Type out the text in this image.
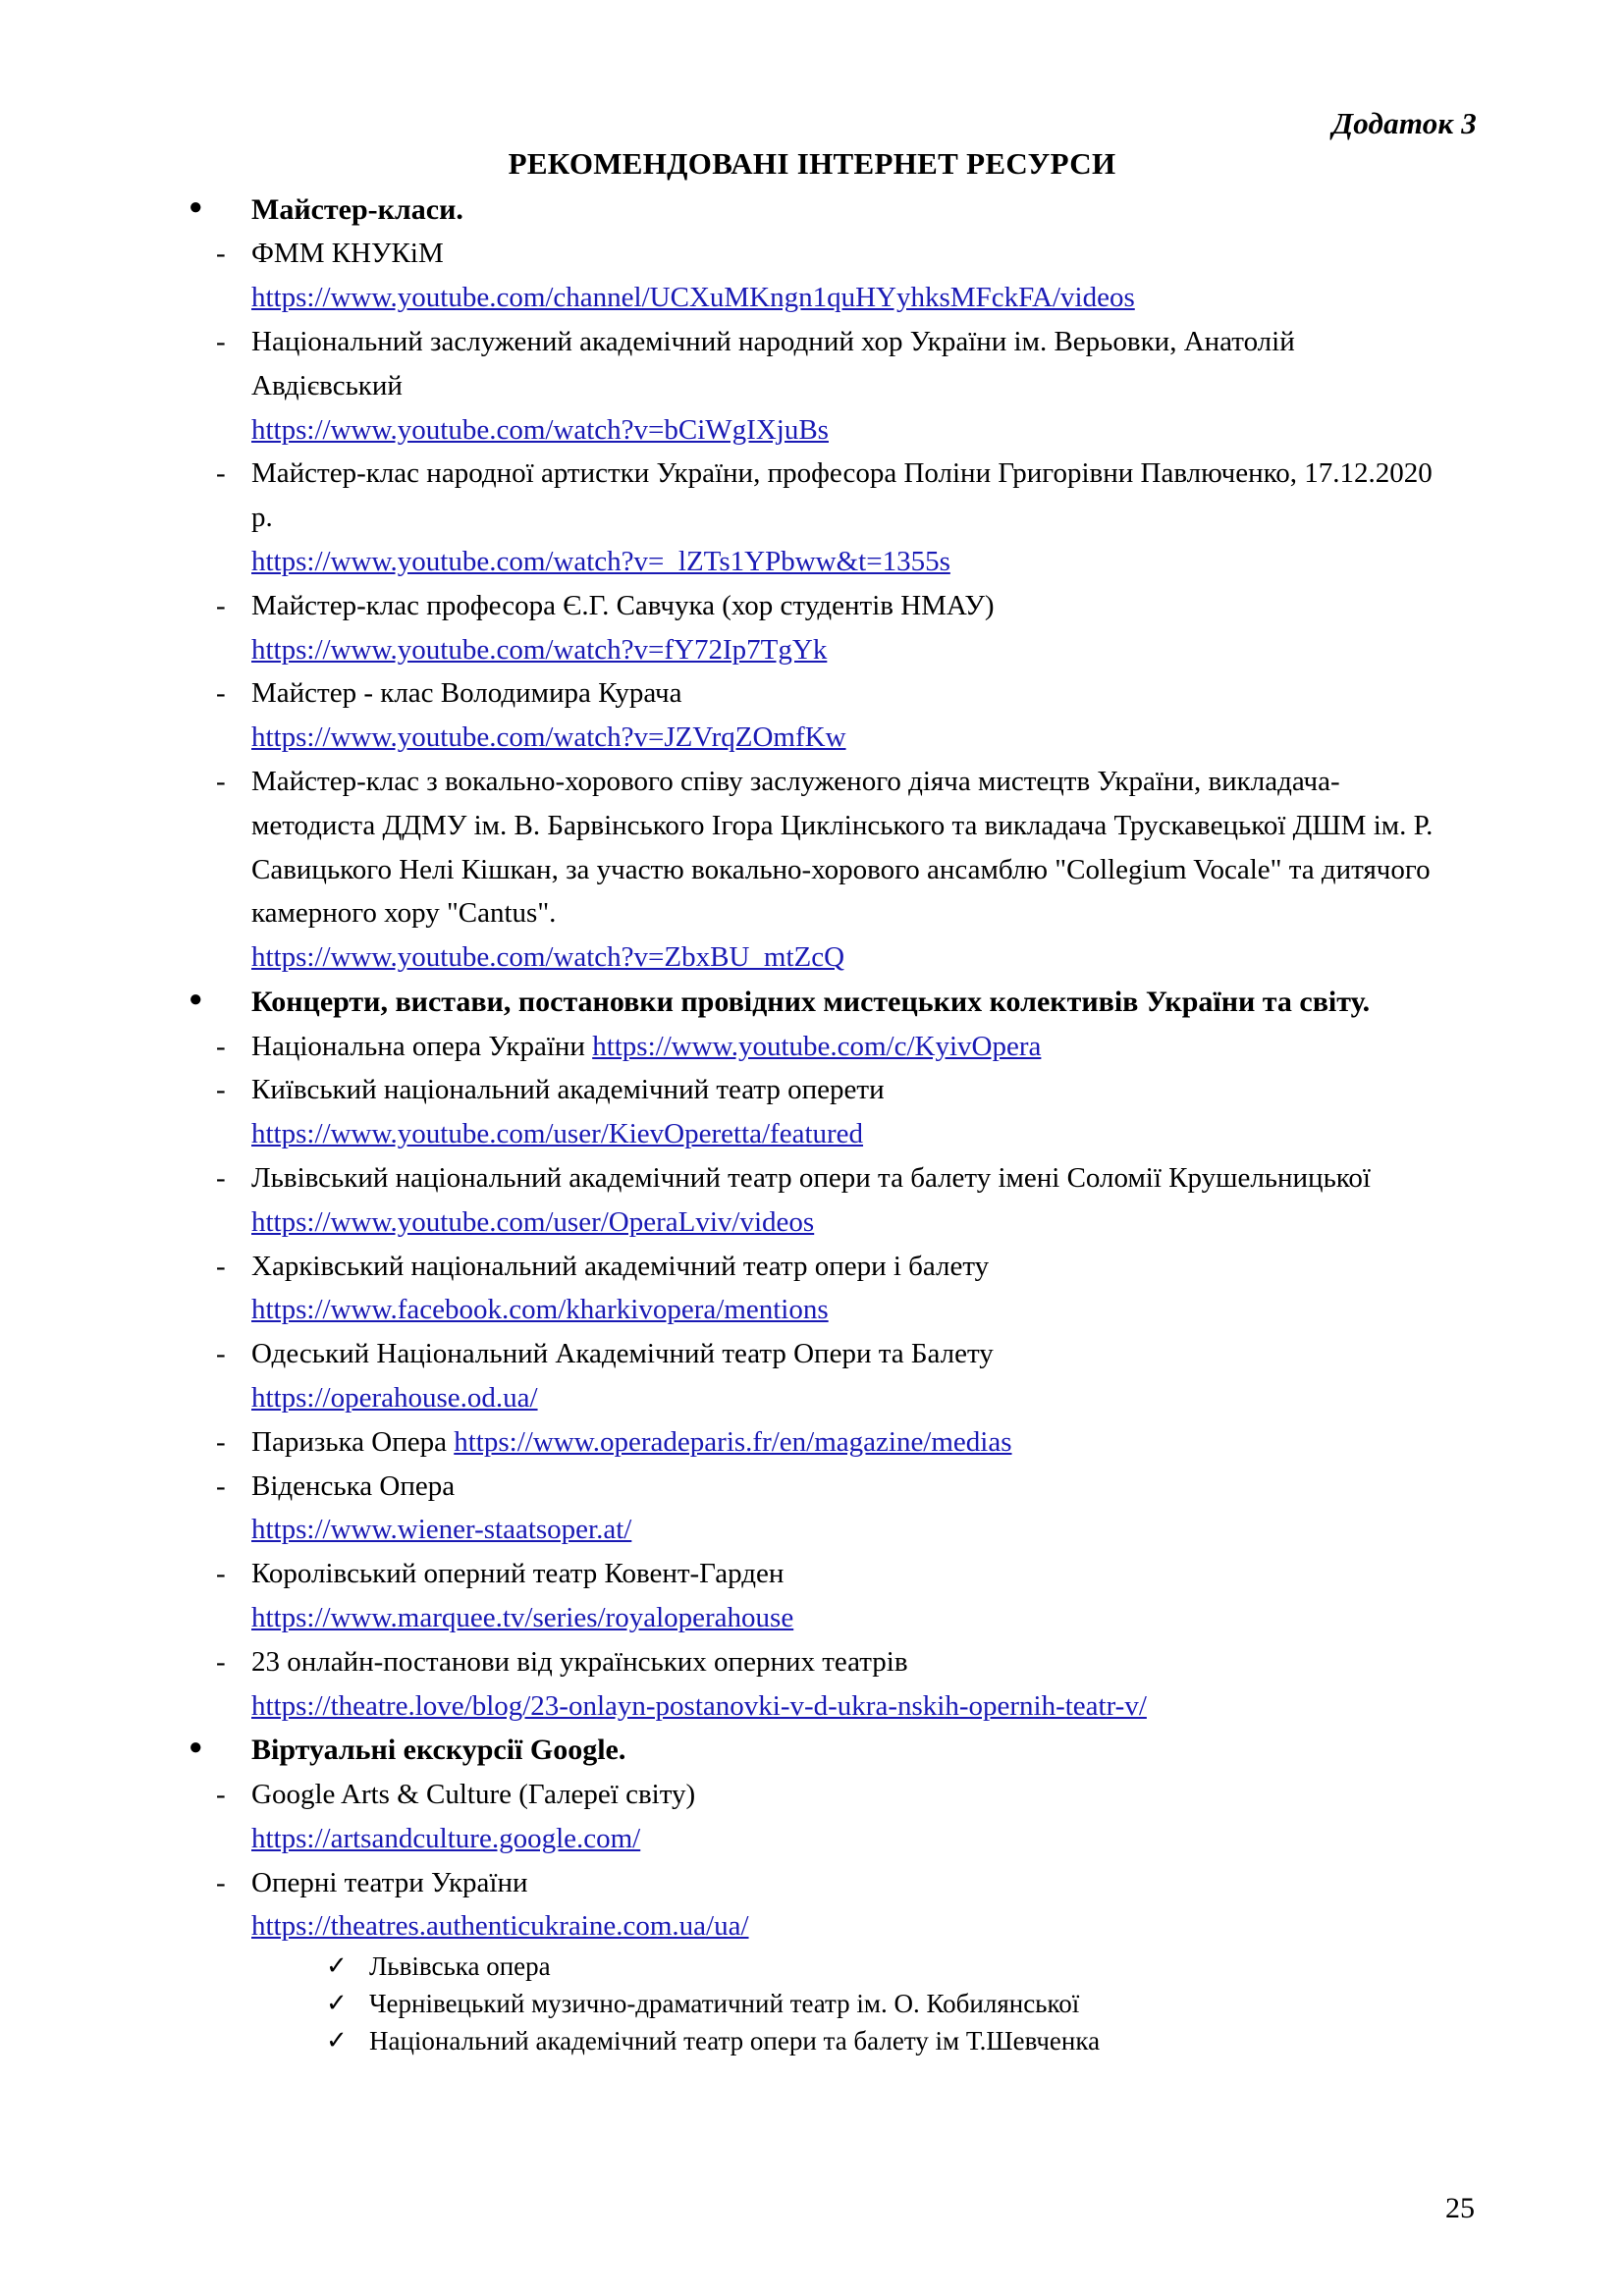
Додаток 3
РЕКОМЕНДОВАНІ ІНТЕРНЕТ РЕСУРСИ
● Майстер-класи.
- ФММ КНУКіМ
https://www.youtube.com/channel/UCXuMKngn1quHYyhksMFckFA/videos
- Національний заслужений академічний народний хор України ім. Верьовки, Анатолій Авдієвський
https://www.youtube.com/watch?v=bCiWgIXjuBs
- Майстер-клас народної артистки України, професора Поліни Григорівни Павлюченко, 17.12.2020 р.
https://www.youtube.com/watch?v=_lZTs1YPbww&t=1355s
- Майстер-клас професора Є.Г. Савчука (хор студентів НМАУ)
https://www.youtube.com/watch?v=fY72Ip7TgYk
- Майстер - клас Володимира Курача
https://www.youtube.com/watch?v=JZVrqZOmfKw
- Майстер-клас з вокально-хорового співу заслуженого діяча мистецтв України, викладача-методиста ДДМУ ім. В. Барвінського Ігора Циклінського та викладача Трускавецької ДШМ ім. Р. Савицького Нелі Кішкан, за участю вокально-хорового ансамблю "Collegium Vocale" та дитячого камерного хору "Cantus".
https://www.youtube.com/watch?v=ZbxBU_mtZcQ
● Концерти, вистави, постановки провідних мистецьких колективів України та світу.
- Національна опера України https://www.youtube.com/c/KyivOpera
- Київський національний академічний театр оперети
https://www.youtube.com/user/KievOperetta/featured
- Львівський національний академічний театр опери та балету імені Соломії Крушельницької https://www.youtube.com/user/OperaLviv/videos
- Харківський національний академічний театр опери і балету
https://www.facebook.com/kharkivopera/mentions
- Одеський Національний Академічний театр Опери та Балету
https://operahouse.od.ua/
- Паризька Опера https://www.operadeparis.fr/en/magazine/medias
- Віденська Опера
https://www.wiener-staatsoper.at/
- Королівський оперний театр Ковент-Гарден
https://www.marquee.tv/series/royaloperahouse
- 23 онлайн-постанови від українських оперних театрів
https://theatre.love/blog/23-onlayn-postanovki-v-d-ukra-nskih-opernih-teatr-v/
● Віртуальні екскурсії Google.
- Google Arts & Culture (Галереї світу)
https://artsandculture.google.com/
- Оперні театри України
https://theatres.authenticukraine.com.ua/ua/
✓ Львівська опера
✓ Чернівецький музично-драматичний театр ім. О. Кобилянської
✓ Національний академічний театр опери та балету ім Т.Шевченка
25
